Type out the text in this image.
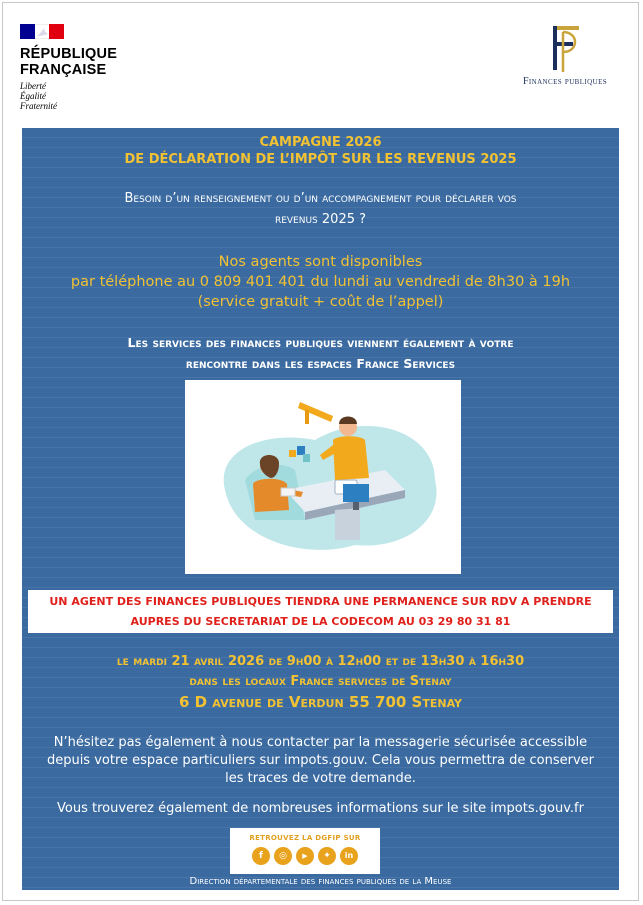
RÉPUBLIQUE
FRANÇAISE
Liberté
Égalité
Fraternité
Finances publiques
CAMPAGNE 2026
DE DÉCLARATION DE L’IMPÔT SUR LES REVENUS 2025
Besoin d’un renseignement ou d’un accompagnement pour déclarer vos
revenus 2025 ?
Nos agents sont disponibles
par téléphone au 0 809 401 401 du lundi au vendredi de 8h30 à 19h
(service gratuit + coût de l’appel)
Les services des finances publiques viennent également à votre
rencontre dans les espaces France Services
UN AGENT DES FINANCES PUBLIQUES TIENDRA UNE PERMANENCE SUR RDV A PRENDRE
AUPRES DU SECRETARIAT DE LA CODECOM AU 03 29 80 31 81
le mardi 21 avril 2026 de 9h00 à 12h00 et de 13h30 à 16h30
dans les locaux France services de Stenay
6 D avenue de Verdun 55 700 Stenay
N’hésitez pas également à nous contacter par la messagerie sécurisée accessible
depuis votre espace particuliers sur impots.gouv. Cela vous permettra de conserver
les traces de votre demande.
Vous trouverez également de nombreuses informations sur le site impots.gouv.fr
RETROUVEZ LA DGFIP SUR
f	◎	▶	✦	in
Direction départementale des finances publiques de la Meuse
